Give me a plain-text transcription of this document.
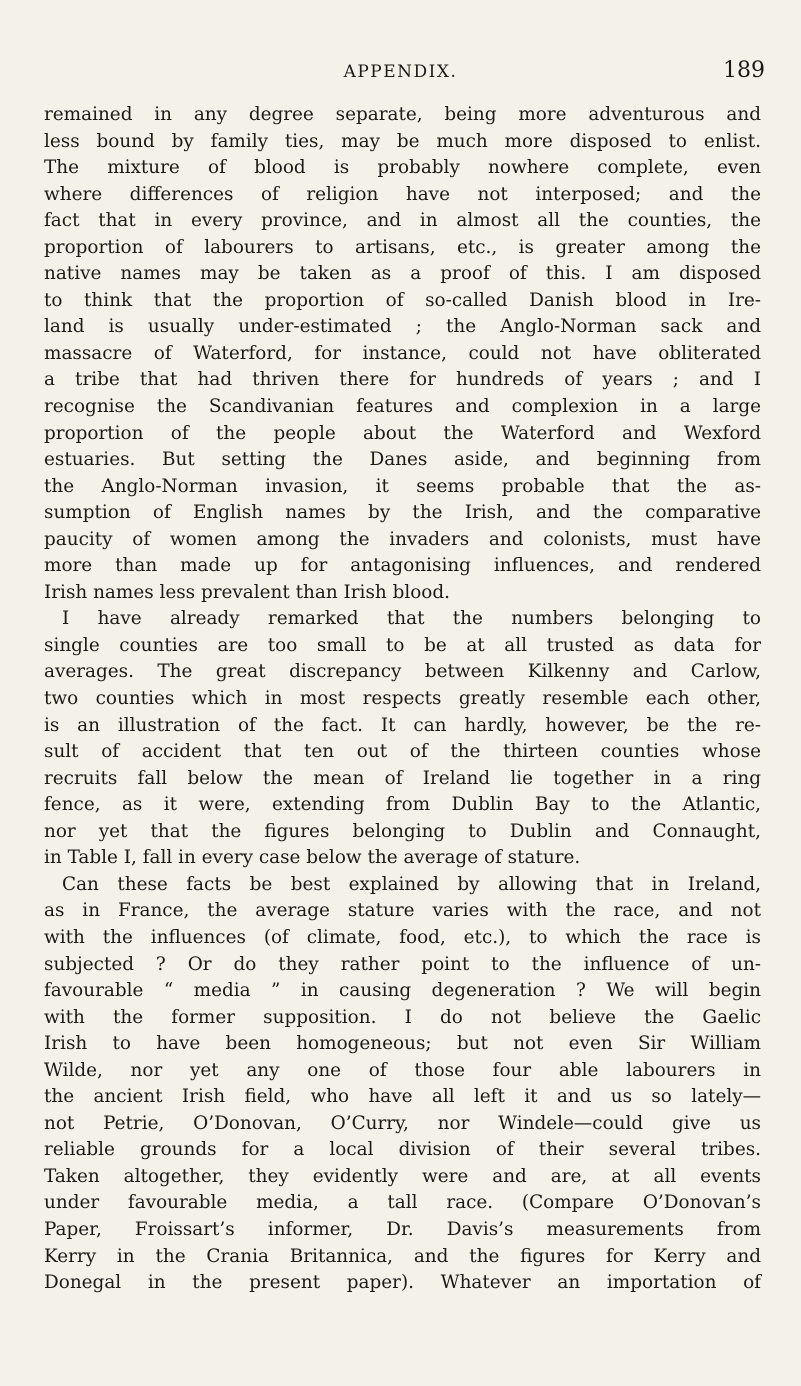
APPENDIX.	189
remained in any degree separate, being more adventurous and
less bound by family ties, may be much more disposed to enlist.
The mixture of blood is probably nowhere complete, even
where differences of religion have not interposed; and the
fact that in every province, and in almost all the counties, the
proportion of labourers to artisans, etc., is greater among the
native names may be taken as a proof of this. I am disposed
to think that the proportion of so-called Danish blood in Ire-
land is usually under-estimated ; the Anglo-Norman sack and
massacre of Waterford, for instance, could not have obliterated
a tribe that had thriven there for hundreds of years ; and I
recognise the Scandivanian features and complexion in a large
proportion of the people about the Waterford and Wexford
estuaries. But setting the Danes aside, and beginning from
the Anglo-Norman invasion, it seems probable that the as-
sumption of English names by the Irish, and the comparative
paucity of women among the invaders and colonists, must have
more than made up for antagonising influences, and rendered
Irish names less prevalent than Irish blood.
I have already remarked that the numbers belonging to
single counties are too small to be at all trusted as data for
averages. The great discrepancy between Kilkenny and Carlow,
two counties which in most respects greatly resemble each other,
is an illustration of the fact. It can hardly, however, be the re-
sult of accident that ten out of the thirteen counties whose
recruits fall below the mean of Ireland lie together in a ring
fence, as it were, extending from Dublin Bay to the Atlantic,
nor yet that the figures belonging to Dublin and Connaught,
in Table I, fall in every case below the average of stature.
Can these facts be best explained by allowing that in Ireland,
as in France, the average stature varies with the race, and not
with the influences (of climate, food, etc.), to which the race is
subjected ? Or do they rather point to the influence of un-
favourable “ media ” in causing degeneration ? We will begin
with the former supposition. I do not believe the Gaelic
Irish to have been homogeneous; but not even Sir William
Wilde, nor yet any one of those four able labourers in
the ancient Irish field, who have all left it and us so lately—
not Petrie, O’Donovan, O’Curry, nor Windele—could give us
reliable grounds for a local division of their several tribes.
Taken altogether, they evidently were and are, at all events
under favourable media, a tall race. (Compare O’Donovan’s
Paper, Froissart’s informer, Dr. Davis’s measurements from
Kerry in the Crania Britannica, and the figures for Kerry and
Donegal in the present paper). Whatever an importation of
